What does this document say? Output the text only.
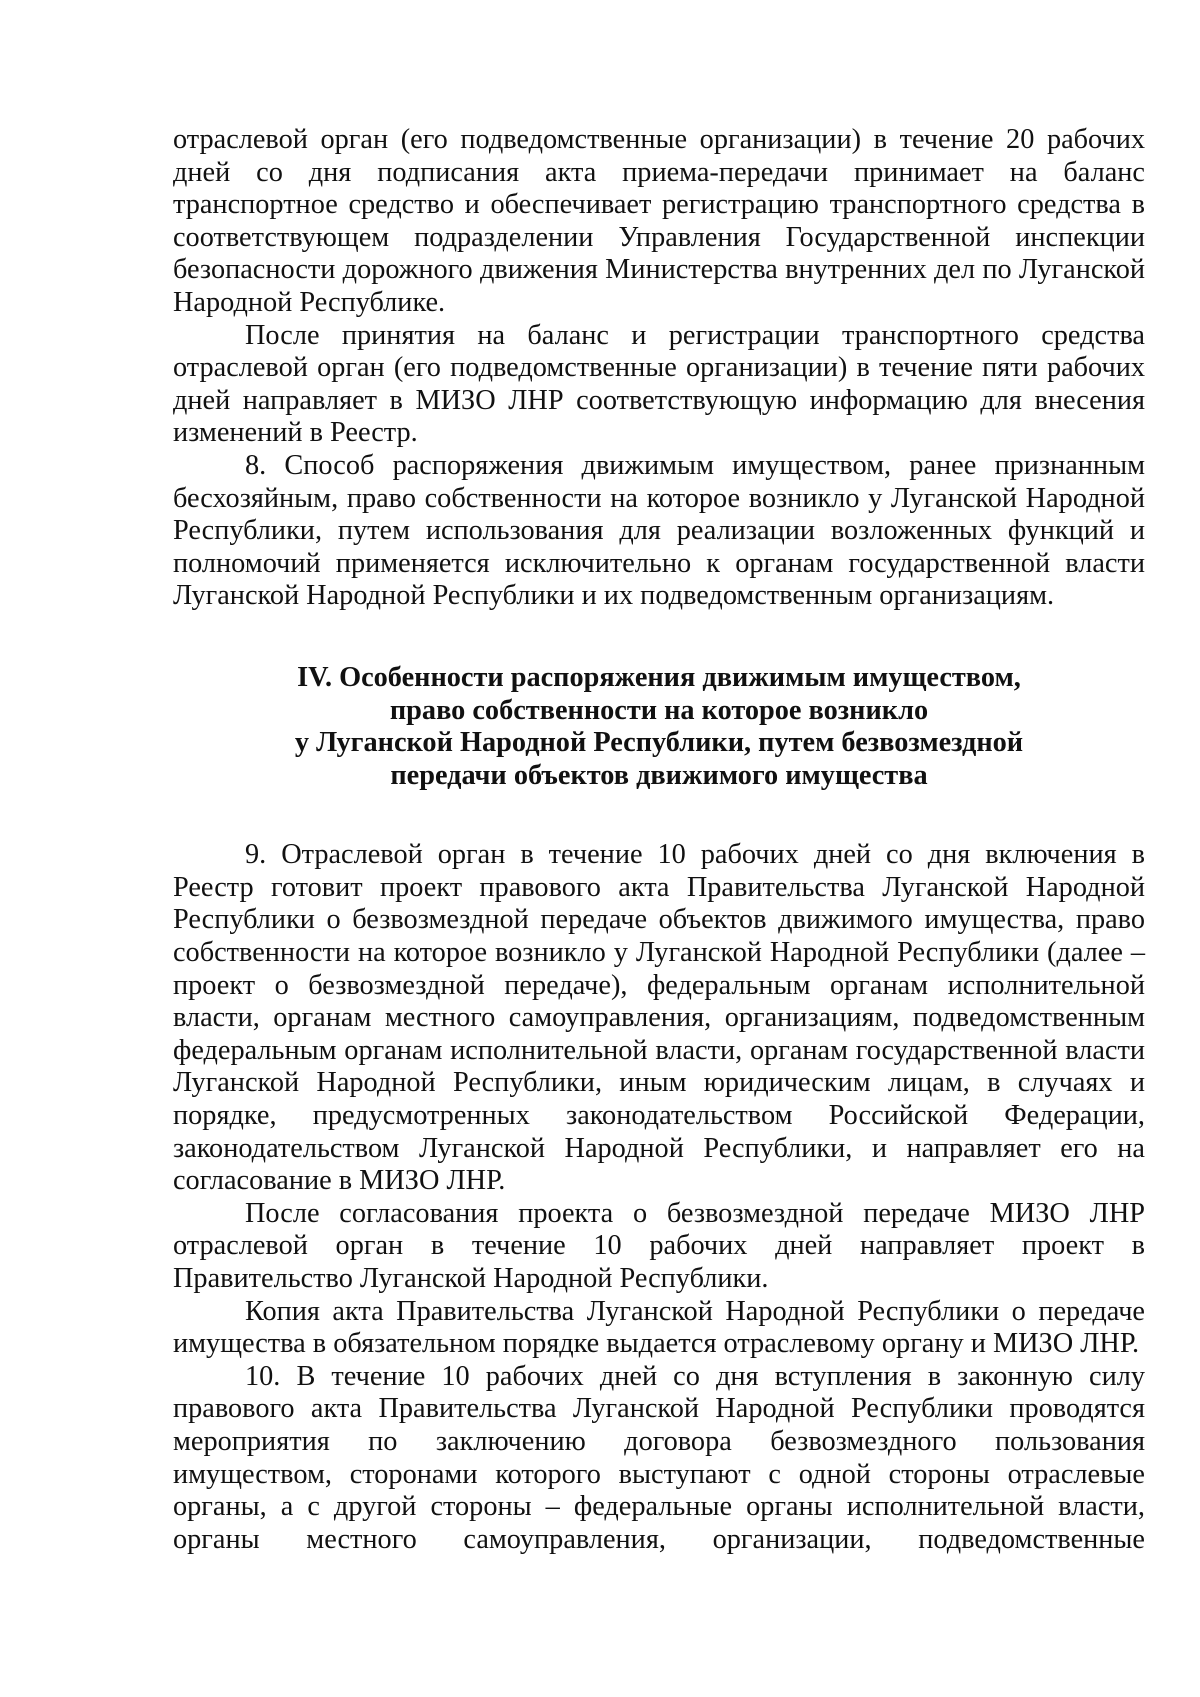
отраслевой орган (его подведомственные организации) в течение 20 рабочих дней со дня подписания акта приема-передачи принимает на баланс транспортное средство и обеспечивает регистрацию транспортного средства в соответствующем подразделении Управления Государственной инспекции безопасности дорожного движения Министерства внутренних дел по Луганской Народной Республике.

После принятия на баланс и регистрации транспортного средства отраслевой орган (его подведомственные организации) в течение пяти рабочих дней направляет в МИЗО ЛНР соответствующую информацию для внесения изменений в Реестр.

8. Способ распоряжения движимым имуществом, ранее признанным бесхозяйным, право собственности на которое возникло у Луганской Народной Республики, путем использования для реализации возложенных функций и полномочий применяется исключительно к органам государственной власти Луганской Народной Республики и их подведомственным организациям.

IV. Особенности распоряжения движимым имуществом,
право собственности на которое возникло
у Луганской Народной Республики, путем безвозмездной
передачи объектов движимого имущества

9. Отраслевой орган в течение 10 рабочих дней со дня включения в Реестр готовит проект правового акта Правительства Луганской Народной Республики о безвозмездной передаче объектов движимого имущества, право собственности на которое возникло у Луганской Народной Республики (далее – проект о безвозмездной передаче), федеральным органам исполнительной власти, органам местного самоуправления, организациям, подведомственным федеральным органам исполнительной власти, органам государственной власти Луганской Народной Республики, иным юридическим лицам, в случаях и порядке, предусмотренных законодательством Российской Федерации, законодательством Луганской Народной Республики, и направляет его на согласование в МИЗО ЛНР.

После согласования проекта о безвозмездной передаче МИЗО ЛНР отраслевой орган в течение 10 рабочих дней направляет проект в Правительство Луганской Народной Республики.

Копия акта Правительства Луганской Народной Республики о передаче имущества в обязательном порядке выдается отраслевому органу и МИЗО ЛНР.

10. В течение 10 рабочих дней со дня вступления в законную силу правового акта Правительства Луганской Народной Республики проводятся мероприятия по заключению договора безвозмездного пользования имуществом, сторонами которого выступают с одной стороны отраслевые органы, а с другой стороны – федеральные органы исполнительной власти, органы местного самоуправления, организации, подведомственные
